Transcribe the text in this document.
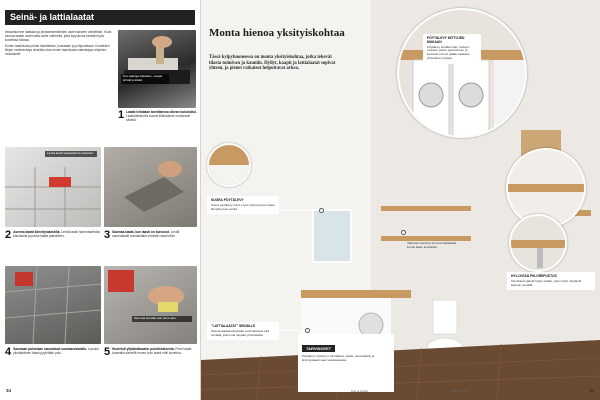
Seinä- ja lattialaatat

Ilmaantumme laattaan ja pintavesieristeiden asennukseen vaiheittain. Kuva seuraa laatan asennusta vaihe vaiheelta, jotta lopputulos kestää myös kosteissa tiloissa.

Ennen laatoitusta pinnat tasoitetaan, kuivataan ja pohjustetaan. Kosteiden tilojen vedeneristys tehdään aina ennen laatoitusta valmistajan ohjeiden mukaisesti.

Kun laattoja leikataan, suojaa silmät ja kädet.
1 Laatat leikataan tarvittaessa oikean kokoisiksi. Laattaleikkurilla suorat leikkaukset onnistuvat siististi.
Levitä laasti tasaiseksi kerrokseksi.
2 Asenna laatat kiinnityslaastilla. Levitä laasti hammastetulla kaukalolla ja paina laatat paikoilleen.	3 Saumaa laatat, kun laasti on kuivunut. Levitä saumalaasti kumilastalla vinottain saumoihin.
Saumaa kerralla vain pieni alue.
4 Saumaan painetaan saumalasti saumauslastalla. Lopuksi ylimääräinen laasti pyyhitään pois.	5 Huolehdi ylijäämälaastin puhdistuksesta. Pese laatat kostealla sienellä ennen kuin laasti ehtii kovettua.
34
Monta hienoa yksityiskohtaa
Tässä kylpyhuoneessa on monta yksityiskohtaa, jotka tekevät tilasta toimivan ja kauniin. Hyllyt, kaapit ja lattialaatat sopivat yhteen, ja pienet ratkaisut helpottavat arkea.
PÖYTÄLEVY MITTOJEN MUKAAN
Pöytälevy tehdään tilan mittojen mukaan, jolloin pesukoneen ja kuivausrummun päälle saadaan yhtenäinen työtaso.
SUORA PÖYTÄLEVY
Suora pöytälevy toimii myös hyllynä ja tuo tilaan lämpöä puun avulla.
"LATTIALAATAT" SEINÄLLE
Samaa laattaa käytetään sekä lattiassa että seinällä, jolloin tila näyttää yhtenäiseltä.
HYLLYISSÄ PIILOREPUSTUS
Kiinnikkeet jäävät hyllyn sisään, joten hyllyt näyttävät leijuvan seinällä.
Valkoiset seinät ja tummat lattialaatat luovat tilaan kontrastia.
TARVIKKEET
Pöytälevy, hyllylevyt, kiinnikkeet, laatat, saumalaasti ja kiinnityslaasti saat rautakaupasta.
Koti ja keittiö	Kylpyhuone	35
